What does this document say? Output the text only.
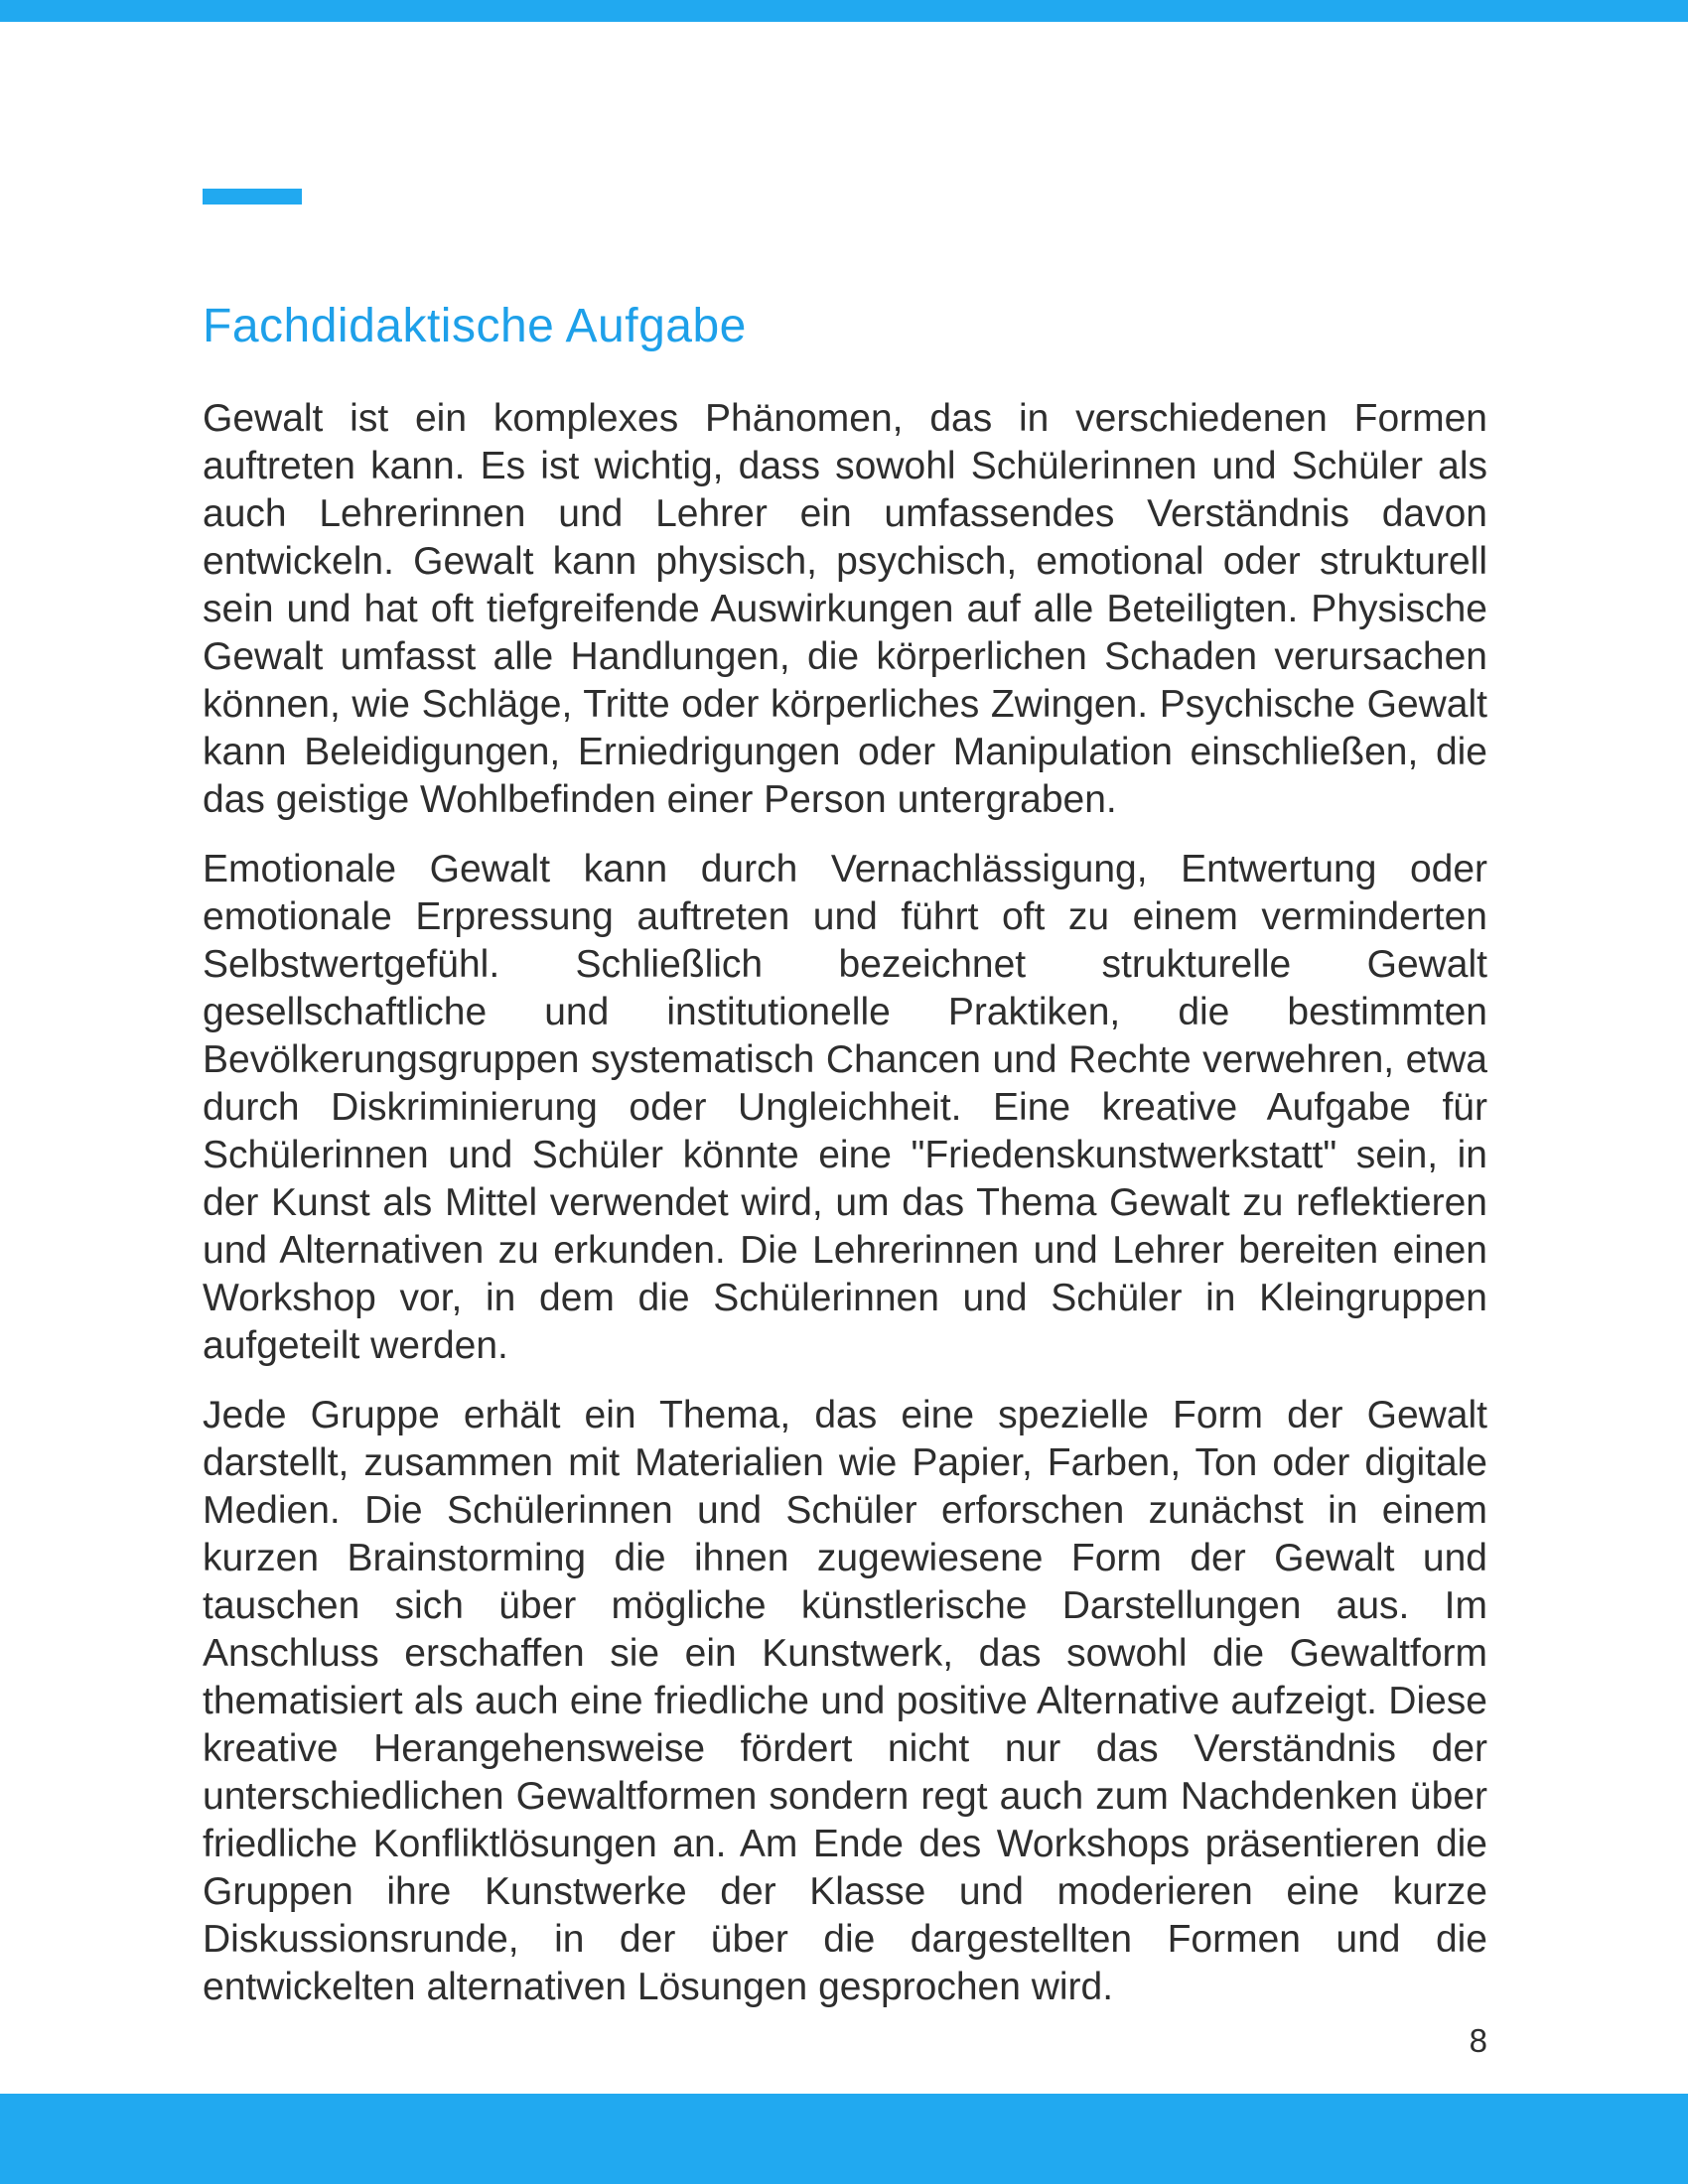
Fachdidaktische Aufgabe

Gewalt ist ein komplexes Phänomen, das in verschiedenen Formen auftreten kann. Es ist wichtig, dass sowohl Schülerinnen und Schüler als auch Lehrerinnen und Lehrer ein umfassendes Verständnis davon entwickeln. Gewalt kann physisch, psychisch, emotional oder strukturell sein und hat oft tiefgreifende Auswirkungen auf alle Beteiligten. Physische Gewalt umfasst alle Handlungen, die körperlichen Schaden verursachen können, wie Schläge, Tritte oder körperliches Zwingen. Psychische Gewalt kann Beleidigungen, Erniedrigungen oder Manipulation einschließen, die das geistige Wohlbefinden einer Person untergraben.

Emotionale Gewalt kann durch Vernachlässigung, Entwertung oder emotionale Erpressung auftreten und führt oft zu einem verminderten Selbstwertgefühl. Schließlich bezeichnet strukturelle Gewalt gesellschaftliche und institutionelle Praktiken, die bestimmten Bevölkerungsgruppen systematisch Chancen und Rechte verwehren, etwa durch Diskriminierung oder Ungleichheit. Eine kreative Aufgabe für Schülerinnen und Schüler könnte eine "Friedenskunstwerkstatt" sein, in der Kunst als Mittel verwendet wird, um das Thema Gewalt zu reflektieren und Alternativen zu erkunden. Die Lehrerinnen und Lehrer bereiten einen Workshop vor, in dem die Schülerinnen und Schüler in Kleingruppen aufgeteilt werden.

Jede Gruppe erhält ein Thema, das eine spezielle Form der Gewalt darstellt, zusammen mit Materialien wie Papier, Farben, Ton oder digitale Medien. Die Schülerinnen und Schüler erforschen zunächst in einem kurzen Brainstorming die ihnen zugewiesene Form der Gewalt und tauschen sich über mögliche künstlerische Darstellungen aus. Im Anschluss erschaffen sie ein Kunstwerk, das sowohl die Gewaltform thematisiert als auch eine friedliche und positive Alternative aufzeigt. Diese kreative Herangehensweise fördert nicht nur das Verständnis der unterschiedlichen Gewaltformen sondern regt auch zum Nachdenken über friedliche Konfliktlösungen an. Am Ende des Workshops präsentieren die Gruppen ihre Kunstwerke der Klasse und moderieren eine kurze Diskussionsrunde, in der über die dargestellten Formen und die entwickelten alternativen Lösungen gesprochen wird.

8
